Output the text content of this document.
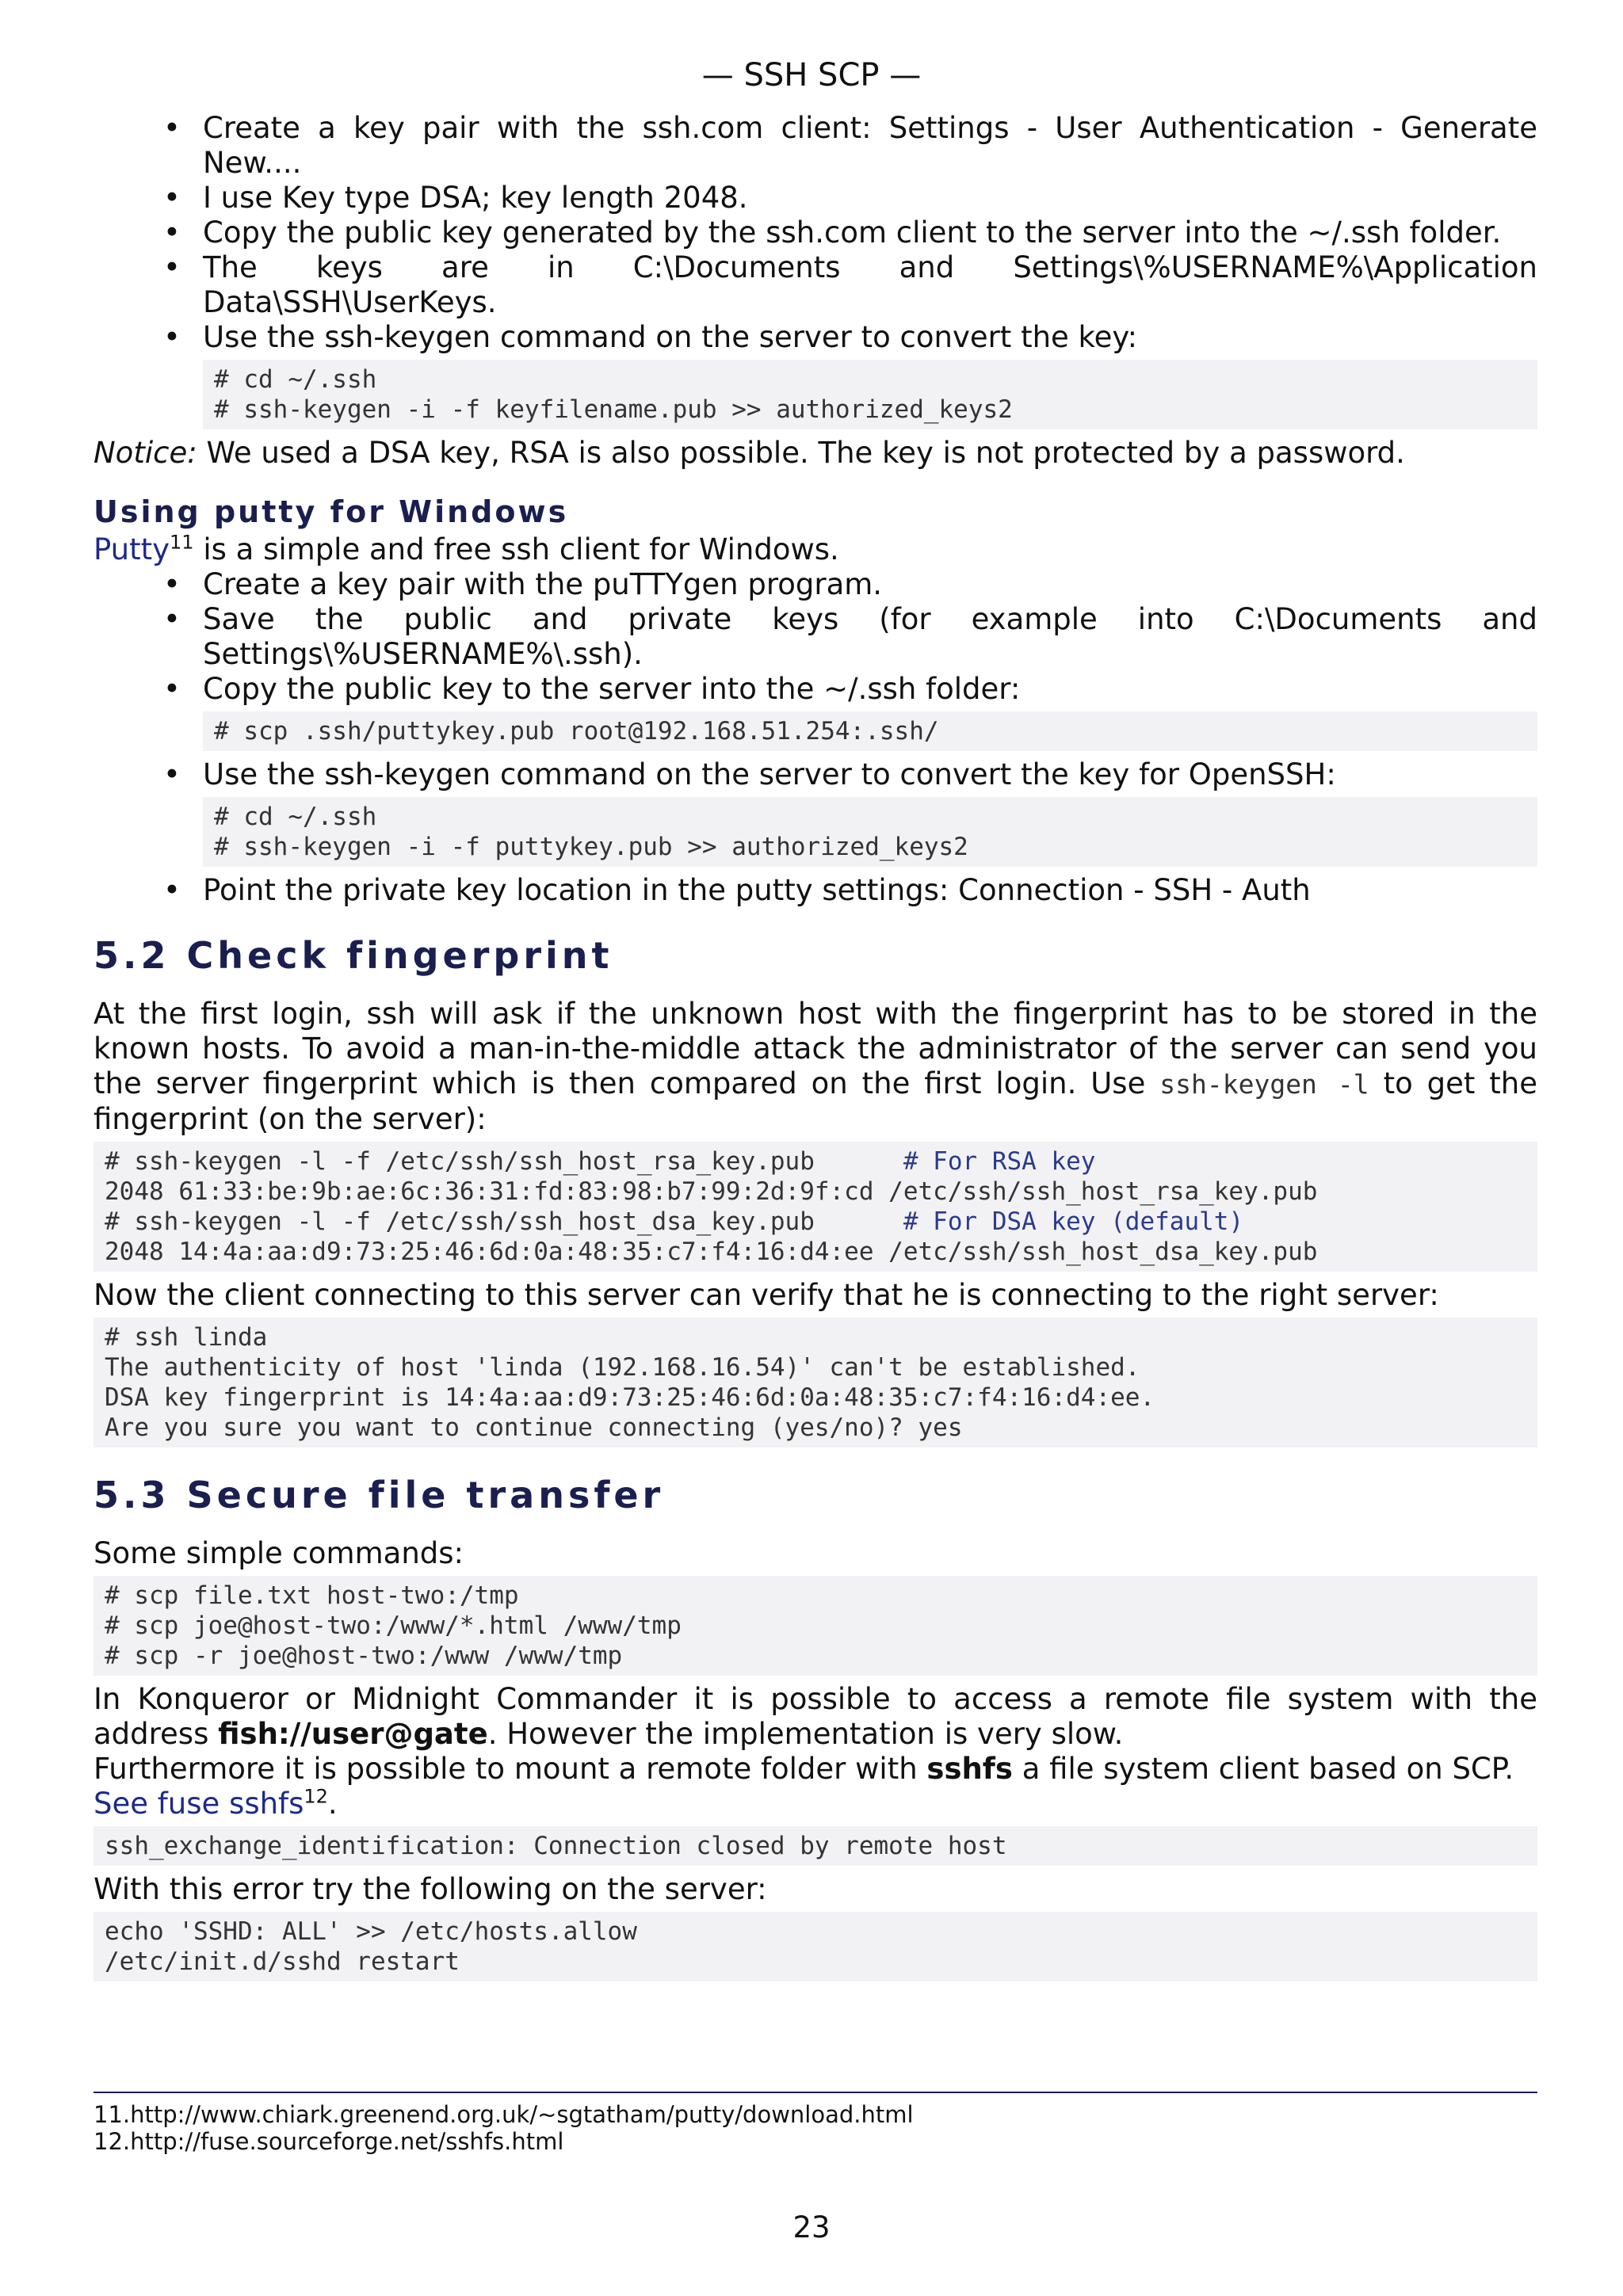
— SSH SCP —
• Create a key pair with the ssh.com client: Settings - User Authentication - Generate New....
• I use Key type DSA; key length 2048.
• Copy the public key generated by the ssh.com client to the server into the ~/.ssh folder.
• The keys are in C:\Documents and Settings\%USERNAME%\Application Data\SSH\UserKeys.
• Use the ssh-keygen command on the server to convert the key:
# cd ~/.ssh
# ssh-keygen -i -f keyfilename.pub >> authorized_keys2

Notice: We used a DSA key, RSA is also possible. The key is not protected by a password.

Using putty for Windows

Putty$^{11}$ is a simple and free ssh client for Windows.

• Create a key pair with the puTTYgen program.
• Save the public and private keys (for example into C:\Documents and Settings\%USERNAME%\.ssh).
• Copy the public key to the server into the ~/.ssh folder:
# scp .ssh/puttykey.pub root@192.168.51.254:.ssh/
• Use the ssh-keygen command on the server to convert the key for OpenSSH:
# cd ~/.ssh
# ssh-keygen -i -f puttykey.pub >> authorized_keys2
• Point the private key location in the putty settings: Connection - SSH - Auth
5.2 Check fingerprint

At the first login, ssh will ask if the unknown host with the fingerprint has to be stored in the known hosts. To avoid a man-in-the-middle attack the administrator of the server can send you the server fingerprint which is then compared on the first login. Use ssh-keygen -l to get the fingerprint (on the server):

# ssh-keygen -l -f /etc/ssh/ssh_host_rsa_key.pub      # For RSA key
2048 61:33:be:9b:ae:6c:36:31:fd:83:98:b7:99:2d:9f:cd /etc/ssh/ssh_host_rsa_key.pub
# ssh-keygen -l -f /etc/ssh/ssh_host_dsa_key.pub      # For DSA key (default)
2048 14:4a:aa:d9:73:25:46:6d:0a:48:35:c7:f4:16:d4:ee /etc/ssh/ssh_host_dsa_key.pub

Now the client connecting to this server can verify that he is connecting to the right server:

# ssh linda
The authenticity of host 'linda (192.168.16.54)' can't be established.
DSA key fingerprint is 14:4a:aa:d9:73:25:46:6d:0a:48:35:c7:f4:16:d4:ee.
Are you sure you want to continue connecting (yes/no)? yes
5.3 Secure file transfer

Some simple commands:

# scp file.txt host-two:/tmp
# scp joe@host-two:/www/*.html /www/tmp
# scp -r joe@host-two:/www /www/tmp

In Konqueror or Midnight Commander it is possible to access a remote file system with the address fish://user@gate. However the implementation is very slow.
Furthermore it is possible to mount a remote folder with sshfs a file system client based on SCP.
See fuse sshfs$^{12}$.

ssh_exchange_identification: Connection closed by remote host

With this error try the following on the server:

echo 'SSHD: ALL' >> /etc/hosts.allow
/etc/init.d/sshd restart
11.http://www.chiark.greenend.org.uk/~sgtatham/putty/download.html
12.http://fuse.sourceforge.net/sshfs.html
23
